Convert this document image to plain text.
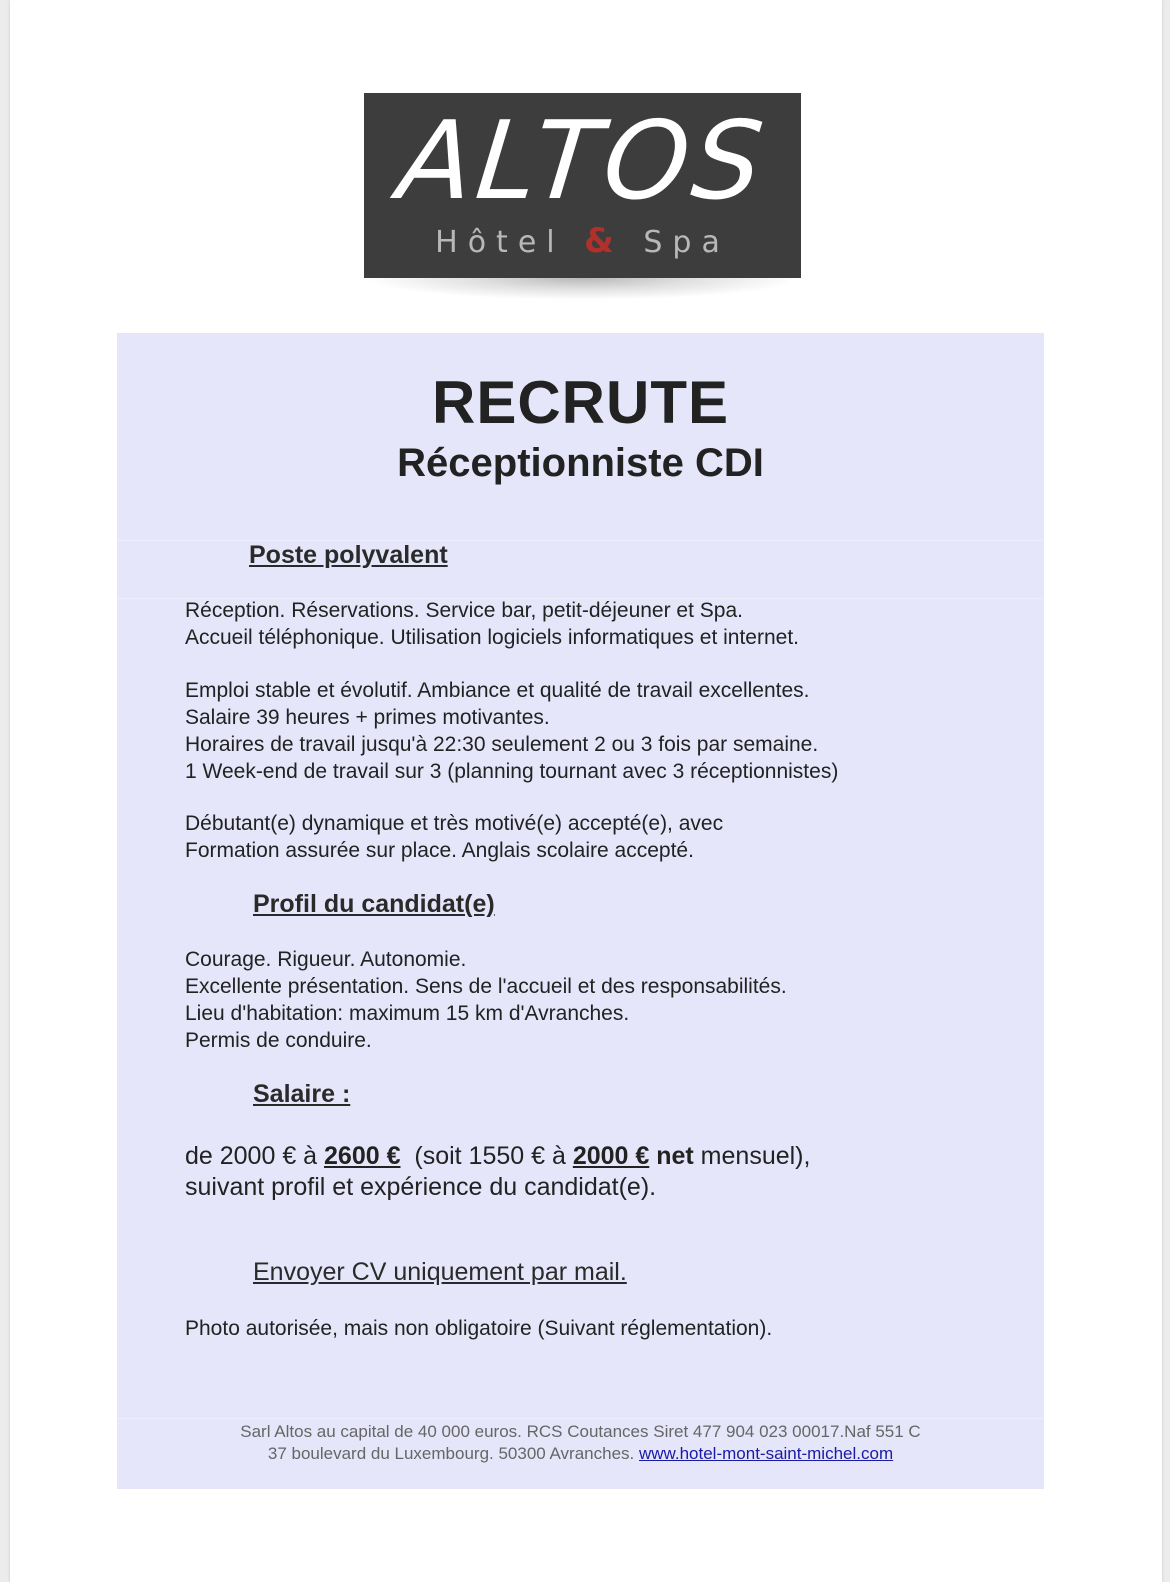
ALTOS
Hôtel & Spa
RECRUTE
Réceptionniste CDI
Poste polyvalent
Réception. Réservations. Service bar, petit-déjeuner et Spa.
Accueil téléphonique. Utilisation logiciels informatiques et internet.
Emploi stable et évolutif. Ambiance et qualité de travail excellentes.
Salaire 39 heures + primes motivantes.
Horaires de travail jusqu'à 22:30 seulement 2 ou 3 fois par semaine.
1 Week-end de travail sur 3 (planning tournant avec 3 réceptionnistes)
Débutant(e) dynamique et très motivé(e) accepté(e), avec
Formation assurée sur place. Anglais scolaire accepté.
Profil du candidat(e)
Courage. Rigueur. Autonomie.
Excellente présentation. Sens de l'accueil et des responsabilités.
Lieu d'habitation: maximum 15 km d'Avranches.
Permis de conduire.
Salaire :
de 2000 € à 2600 €  (soit 1550 € à 2000 € net mensuel),
suivant profil et expérience du candidat(e).
Envoyer CV uniquement par mail.
Photo autorisée, mais non obligatoire (Suivant réglementation).
Sarl Altos au capital de 40 000 euros. RCS Coutances Siret 477 904 023 00017.Naf 551 C
37 boulevard du Luxembourg. 50300 Avranches. www.hotel-mont-saint-michel.com
